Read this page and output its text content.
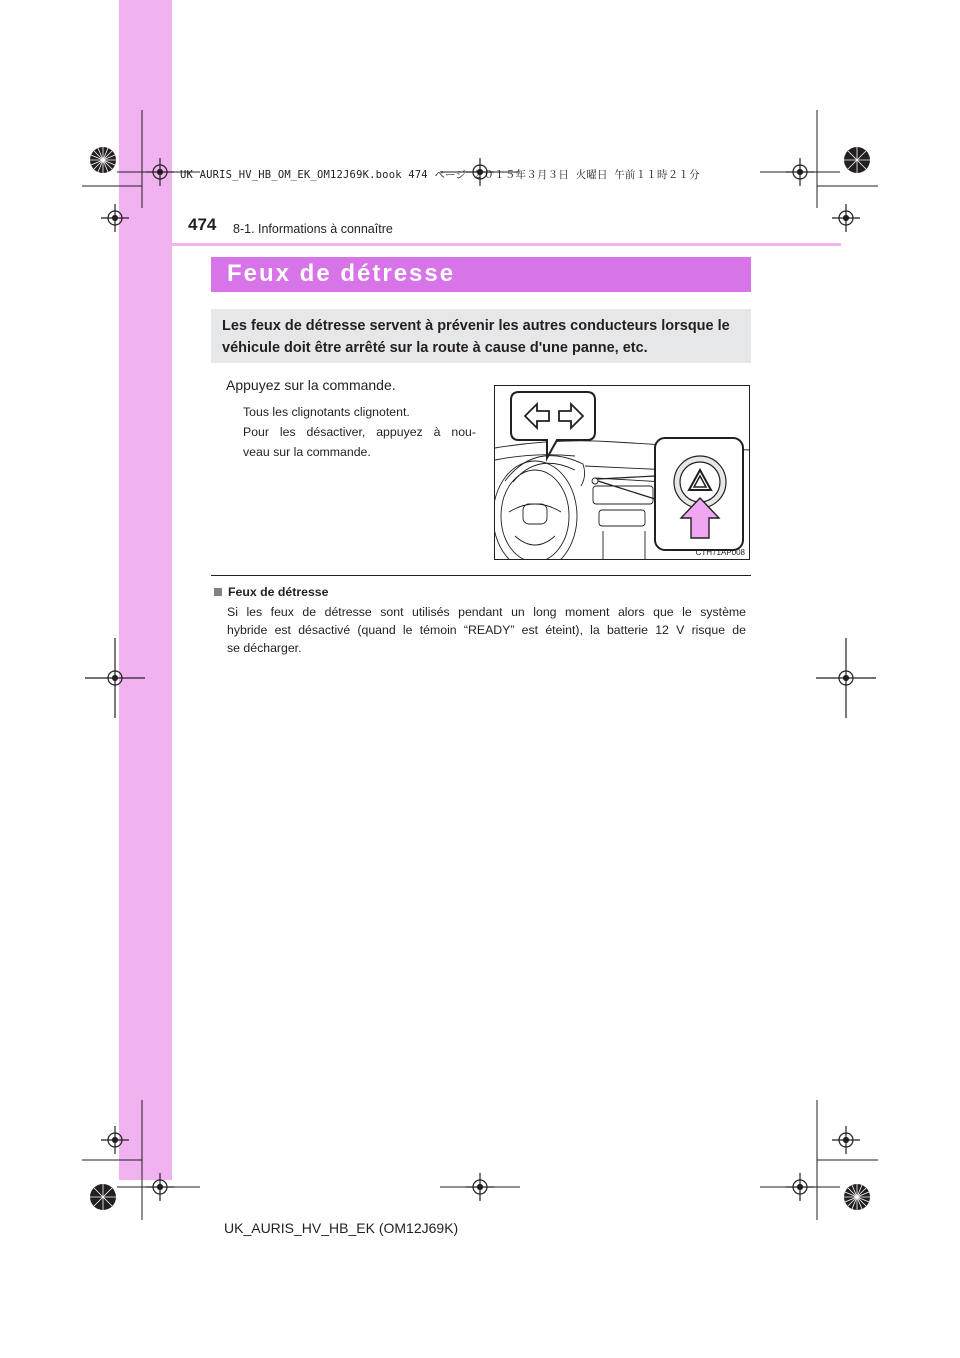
UK AURIS_HV_HB_OM_EK_OM12J69K.book 474 ページ ２０１５年３月３日 火曜日 午前１１時２１分
474 8-1. Informations à connaître
Feux de détresse

Les feux de détresse servent à prévenir les autres conducteurs lorsque le véhicule doit être arrêté sur la route à cause d'une panne, etc.

Appuyez sur la commande.

Tous les clignotants clignotent.
Pour les désactiver, appuyez à nou-
veau sur la commande.

CTH71AP008
Feux de détresse

Si les feux de détresse sont utilisés pendant un long moment alors que le système
hybride est désactivé (quand le témoin “READY” est éteint), la batterie 12 V risque de
se décharger.

UK_AURIS_HV_HB_EK (OM12J69K)
